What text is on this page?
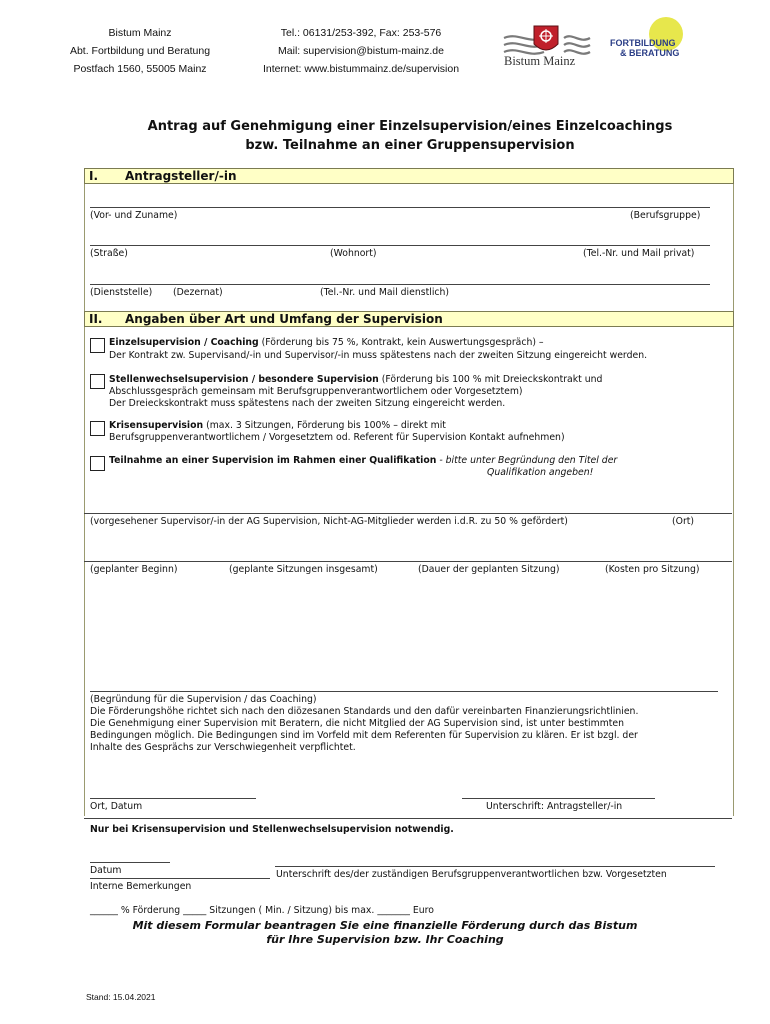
Bistum Mainz
Abt. Fortbildung und Beratung
Postfach 1560, 55005 Mainz
Tel.: 06131/253-392, Fax: 253-576
Mail: supervision@bistum-mainz.de
Internet: www.bistummainz.de/supervision
Bistum Mainz
FORTBILDUNG
& BERATUNG
Antrag auf Genehmigung einer Einzelsupervision/eines Einzelcoachings
bzw. Teilnahme an einer Gruppensupervision
I. Antragsteller/-in
(Vor- und Zuname)	(Berufsgruppe)
(Straße)	(Wohnort)	(Tel.-Nr. und Mail privat)
(Dienststelle) (Dezernat)	(Tel.-Nr. und Mail dienstlich)
II. Angaben über Art und Umfang der Supervision
Einzelsupervision / Coaching (Förderung bis 75 %, Kontrakt, kein Auswertungsgespräch) –
Der Kontrakt zw. Supervisand/-in und Supervisor/-in muss spätestens nach der zweiten Sitzung eingereicht werden.
Stellenwechselsupervision / besondere Supervision (Förderung bis 100 % mit Dreieckskontrakt und
Abschlussgespräch gemeinsam mit Berufsgruppenverantwortlichem oder Vorgesetztem)
Der Dreieckskontrakt muss spätestens nach der zweiten Sitzung eingereicht werden.
Krisensupervision (max. 3 Sitzungen, Förderung bis 100% – direkt mit
Berufsgruppenverantwortlichem / Vorgesetztem od. Referent für Supervision Kontakt aufnehmen)
Teilnahme an einer Supervision im Rahmen einer Qualifikation - bitte unter Begründung den Titel der
Qualifikation angeben!
(vorgesehener Supervisor/-in der AG Supervision, Nicht-AG-Mitglieder werden i.d.R. zu 50 % gefördert)	(Ort)
(geplanter Beginn)	(geplante Sitzungen insgesamt)	(Dauer der geplanten Sitzung)	(Kosten pro Sitzung)
(Begründung für die Supervision / das Coaching)
Die Förderungshöhe richtet sich nach den diözesanen Standards und den dafür vereinbarten Finanzierungsrichtlinien.
Die Genehmigung einer Supervision mit Beratern, die nicht Mitglied der AG Supervision sind, ist unter bestimmten
Bedingungen möglich. Die Bedingungen sind im Vorfeld mit dem Referenten für Supervision zu klären. Er ist bzgl. der
Inhalte des Gesprächs zur Verschwiegenheit verpflichtet.
Ort, Datum	Unterschrift: Antragsteller/-in
Nur bei Krisensupervision und Stellenwechselsupervision notwendig.
Datum	Unterschrift des/der zuständigen Berufsgruppenverantwortlichen bzw. Vorgesetzten
Interne Bemerkungen
______ % Förderung _____ Sitzungen ( Min. / Sitzung) bis max. _______ Euro
Mit diesem Formular beantragen Sie eine finanzielle Förderung durch das Bistum
für Ihre Supervision bzw. Ihr Coaching
Stand: 15.04.2021
